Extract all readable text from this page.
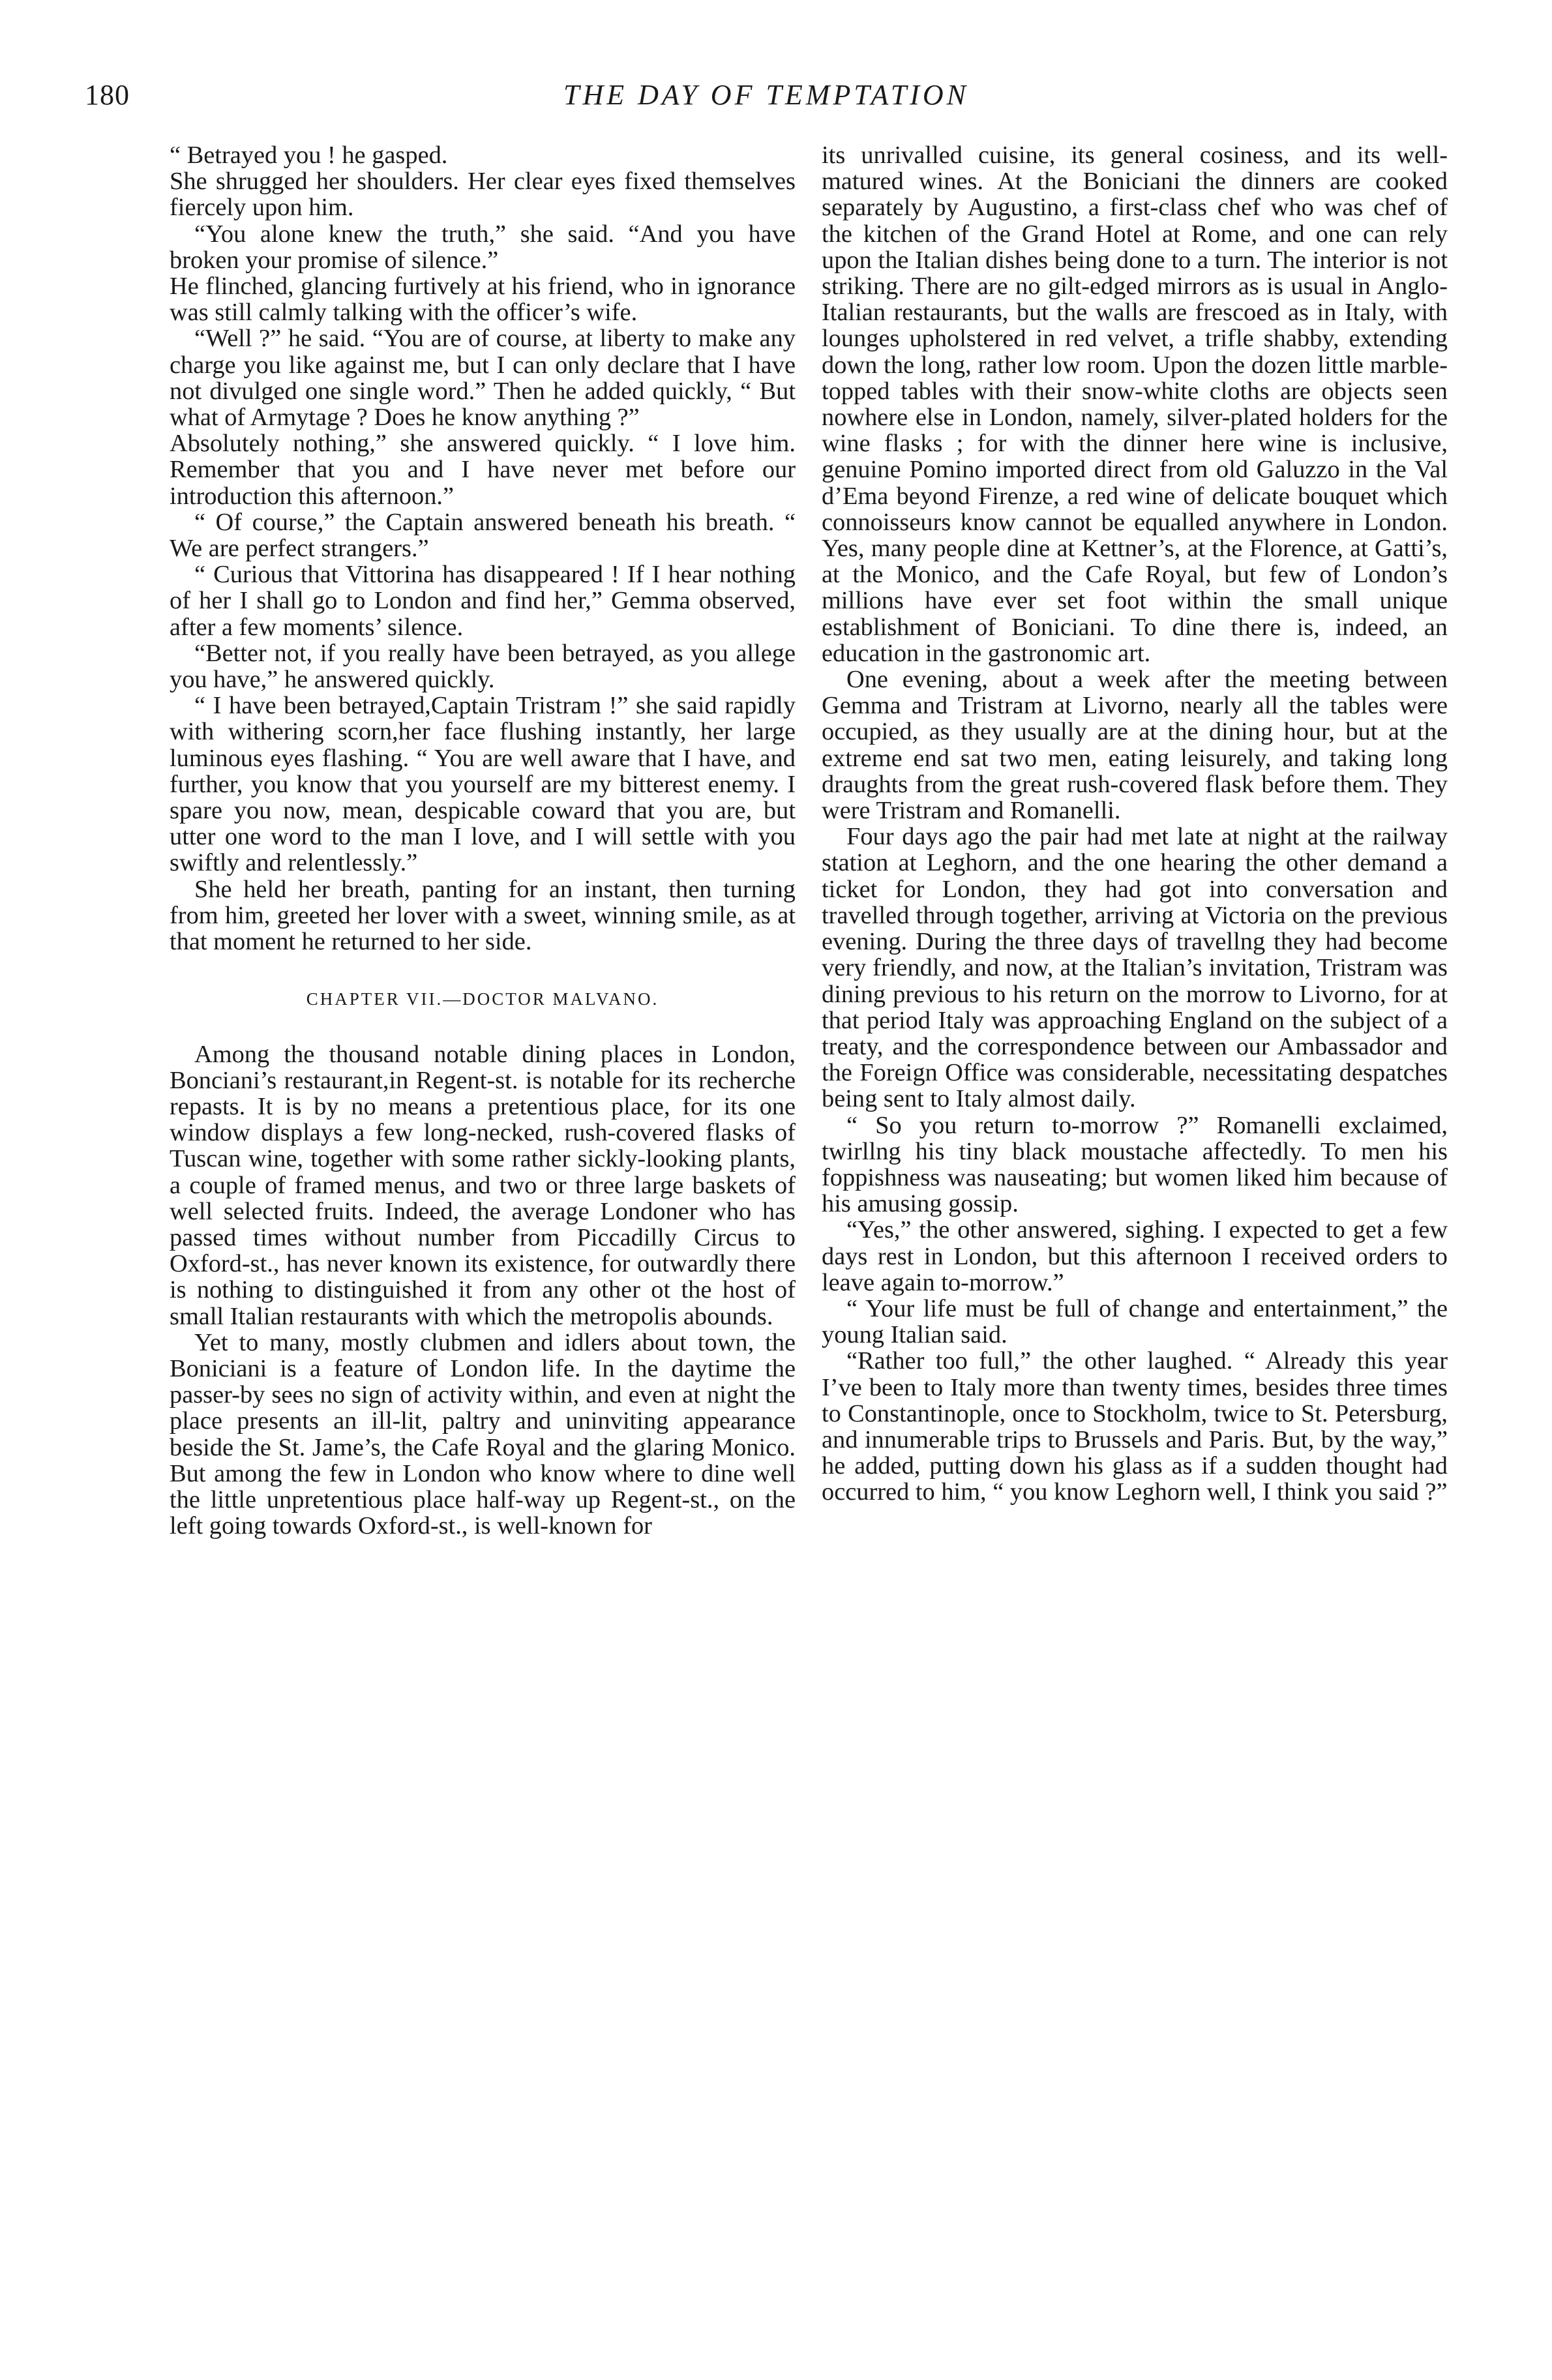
180	THE DAY OF TEMPTATION

“ Betrayed you ! he gasped.

She shrugged her shoulders. Her clear eyes fixed themselves fiercely upon him.

“You alone knew the truth,” she said. “And you have broken your promise of silence.”

He flinched, glancing furtively at his friend, who in ignorance was still calmly talking with the officer’s wife.

“Well ?” he said. “You are of course, at liberty to make any charge you like against me, but I can only declare that I have not divulged one single word.” Then he added quickly, “ But what of Armytage ? Does he know anything ?”

Absolutely nothing,” she answered quickly. “ I love him. Remember that you and I have never met before our introduction this afternoon.”

“ Of course,” the Captain answered beneath his breath. “ We are perfect strangers.”

“ Curious that Vittorina has disappeared ! If I hear nothing of her I shall go to London and find her,” Gemma observed, after a few moments’ silence.

“Better not, if you really have been betrayed, as you allege you have,” he answered quickly.

“ I have been betrayed,Captain Tristram !” she said rapidly with withering scorn,her face flushing instantly, her large luminous eyes flashing. “ You are well aware that I have, and further, you know that you yourself are my bitterest enemy. I spare you now, mean, despicable coward that you are, but utter one word to the man I love, and I will settle with you swiftly and relentlessly.”

She held her breath, panting for an instant, then turning from him, greeted her lover with a sweet, winning smile, as at that moment he returned to her side.

CHAPTER VII.—DOCTOR MALVANO.

Among the thousand notable dining places in London, Bonciani’s restaurant,in Regent-st. is notable for its recherche repasts. It is by no means a pretentious place, for its one window displays a few long-necked, rush-covered flasks of Tuscan wine, together with some rather sickly-looking plants, a couple of framed menus, and two or three large baskets of well selected fruits. Indeed, the average Londoner who has passed times without number from Piccadilly Circus to Oxford-st., has never known its existence, for outwardly there is nothing to distinguished it from any other ot the host of small Italian restaurants with which the metropolis abounds.

Yet to many, mostly clubmen and idlers about town, the Boniciani is a feature of London life. In the daytime the passer-by sees no sign of activity within, and even at night the place presents an ill-lit, paltry and uninviting appearance beside the St. Jame’s, the Cafe Royal and the glaring Monico. But among the few in London who know where to dine well the little unpretentious place half-way up Regent-st., on the left going towards Oxford-st., is well-known for

its unrivalled cuisine, its general cosiness, and its well-matured wines. At the Boniciani the dinners are cooked separately by Augustino, a first-class chef who was chef of the kitchen of the Grand Hotel at Rome, and one can rely upon the Italian dishes being done to a turn. The interior is not striking. There are no gilt-edged mirrors as is usual in Anglo-Italian restaurants, but the walls are frescoed as in Italy, with lounges upholstered in red velvet, a trifle shabby, extending down the long, rather low room. Upon the dozen little marble-topped tables with their snow-white cloths are objects seen nowhere else in London, namely, silver-plated holders for the wine flasks ; for with the dinner here wine is inclusive, genuine Pomino imported direct from old Galuzzo in the Val d’Ema beyond Firenze, a red wine of delicate bouquet which connoisseurs know cannot be equalled anywhere in London. Yes, many people dine at Kettner’s, at the Florence, at Gatti’s, at the Monico, and the Cafe Royal, but few of London’s millions have ever set foot within the small unique establishment of Boniciani. To dine there is, indeed, an education in the gastronomic art.

One evening, about a week after the meeting between Gemma and Tristram at Livorno, nearly all the tables were occupied, as they usually are at the dining hour, but at the extreme end sat two men, eating leisurely, and taking long draughts from the great rush-covered flask before them. They were Tristram and Romanelli.

Four days ago the pair had met late at night at the railway station at Leghorn, and the one hearing the other demand a ticket for London, they had got into conversation and travelled through together, arriving at Victoria on the previous evening. During the three days of travellng they had become very friendly, and now, at the Italian’s invitation, Tristram was dining previous to his return on the morrow to Livorno, for at that period Italy was approaching England on the subject of a treaty, and the correspondence between our Ambassador and the Foreign Office was considerable, necessitating despatches being sent to Italy almost daily.

“ So you return to-morrow ?” Romanelli exclaimed, twirllng his tiny black moustache affectedly. To men his foppishness was nauseating; but women liked him because of his amusing gossip.

“Yes,” the other answered, sighing. I expected to get a few days rest in London, but this afternoon I received orders to leave again to-morrow.”

“ Your life must be full of change and entertainment,” the young Italian said.

“Rather too full,” the other laughed. “ Already this year I’ve been to Italy more than twenty times, besides three times to Constantinople, once to Stockholm, twice to St. Petersburg, and innumerable trips to Brussels and Paris. But, by the way,” he added, putting down his glass as if a sudden thought had occurred to him, “ you know Leghorn well, I think you said ?”
